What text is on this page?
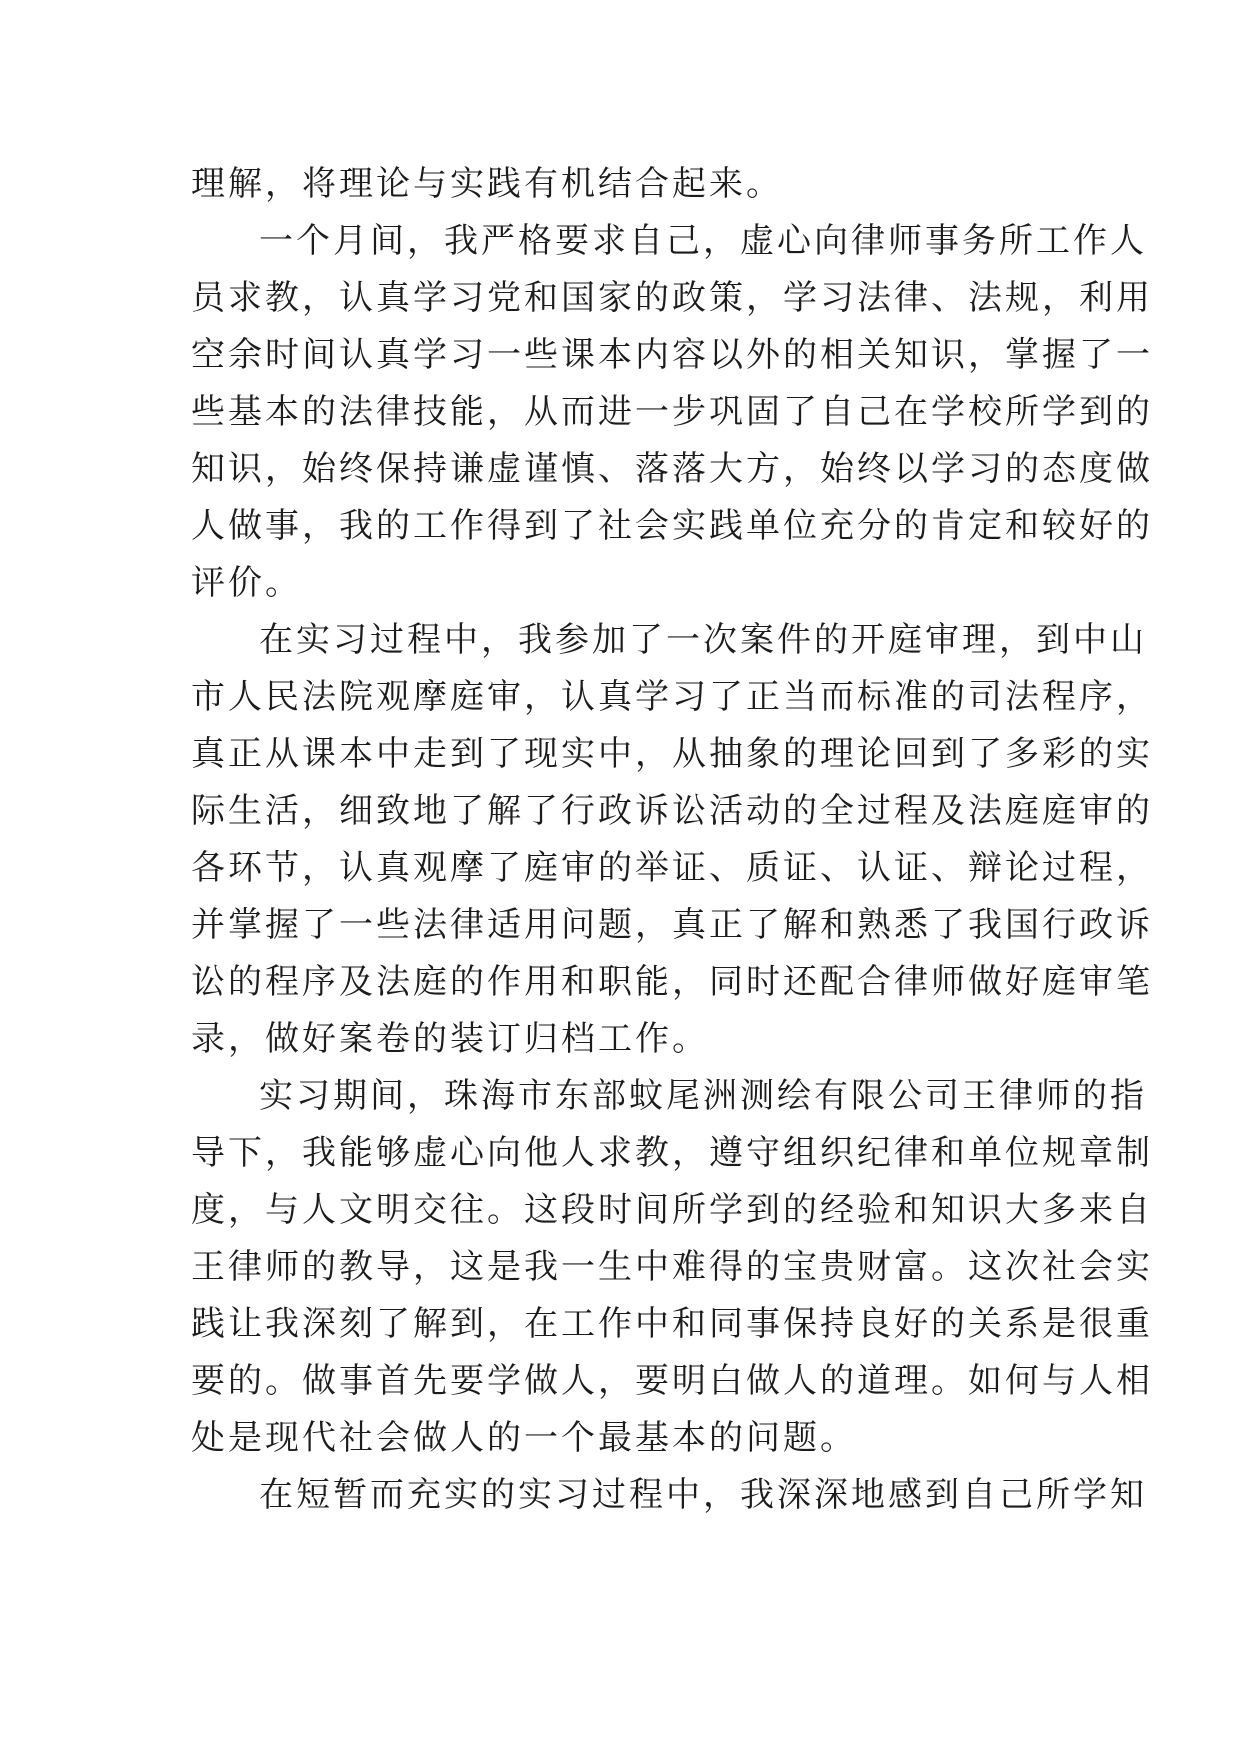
理解，将理论与实践有机结合起来。
一个月间，我严格要求自己，虚心向律师事务所工作人
员求教，认真学习党和国家的政策，学习法律、法规，利用
空余时间认真学习一些课本内容以外的相关知识，掌握了一
些基本的法律技能，从而进一步巩固了自己在学校所学到的
知识，始终保持谦虚谨慎、落落大方，始终以学习的态度做
人做事，我的工作得到了社会实践单位充分的肯定和较好的
评价。
在实习过程中，我参加了一次案件的开庭审理，到中山
市人民法院观摩庭审，认真学习了正当而标准的司法程序，
真正从课本中走到了现实中，从抽象的理论回到了多彩的实
际生活，细致地了解了行政诉讼活动的全过程及法庭庭审的
各环节，认真观摩了庭审的举证、质证、认证、辩论过程，
并掌握了一些法律适用问题，真正了解和熟悉了我国行政诉
讼的程序及法庭的作用和职能，同时还配合律师做好庭审笔
录，做好案卷的装订归档工作。
实习期间，珠海市东部蚊尾洲测绘有限公司王律师的指
导下，我能够虚心向他人求教，遵守组织纪律和单位规章制
度，与人文明交往。这段时间所学到的经验和知识大多来自
王律师的教导，这是我一生中难得的宝贵财富。这次社会实
践让我深刻了解到，在工作中和同事保持良好的关系是很重
要的。做事首先要学做人，要明白做人的道理。如何与人相
处是现代社会做人的一个最基本的问题。
在短暂而充实的实习过程中，我深深地感到自己所学知
